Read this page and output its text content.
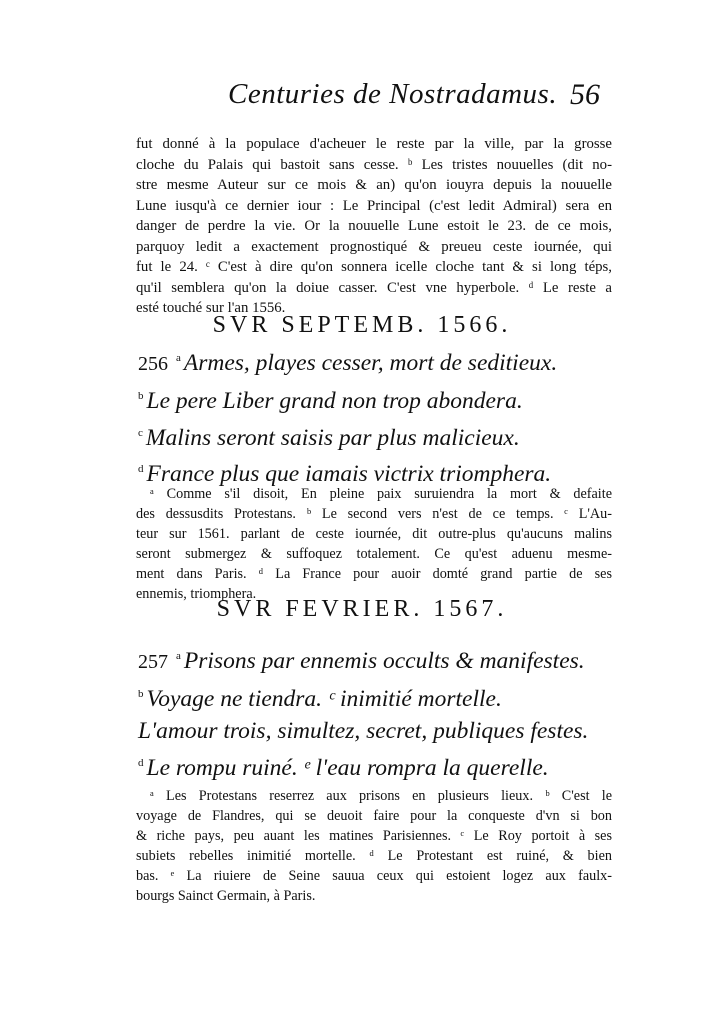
Centuries de Nostradamus. 56
fut donné à la populace d'acheuer le reste par la ville, par la grosse
cloche du Palais qui bastoit sans cesse. ᵇ Les tristes nouuelles (dit no-
stre mesme Auteur sur ce mois & an) qu'on iouyra depuis la nouuelle
Lune iusqu'à ce dernier iour : Le Principal (c'est ledit Admiral) sera en
danger de perdre la vie. Or la nouuelle Lune estoit le 23. de ce mois,
parquoy ledit a exactement prognostiqué & preueu ceste iournée, qui
fut le 24. ᶜ C'est à dire qu'on sonnera icelle cloche tant & si long téps,
qu'il semblera qu'on la doiue casser. C'est vne hyperbole. ᵈ Le reste a
esté touché sur l'an 1556.
SVR SEPTEMB. 1566.
256 $^a$ Armes, playes cesser, mort de seditieux.
$^b$ Le pere Liber grand non trop abondera.
$^c$ Malins seront saisis par plus malicieux.
$^d$ France plus que iamais victrix triomphera.
ᵃ Comme s'il disoit, En pleine paix suruiendra la mort & defaite
des dessusdits Protestans. ᵇ Le second vers n'est de ce temps. ᶜ L'Au-
teur sur 1561. parlant de ceste iournée, dit outre-plus qu'aucuns malins
seront submergez & suffoquez totalement. Ce qu'est aduenu mesme-
ment dans Paris. ᵈ La France pour auoir domté grand partie de ses
ennemis, triomphera.
SVR FEVRIER. 1567.
257 $^a$ Prisons par ennemis occults & manifestes.
$^b$ Voyage ne tiendra. ᶜ inimitié mortelle.
L'amour trois, simultez, secret, publiques festes.
$^d$ Le rompu ruiné. ᵉ l'eau rompra la querelle.
ᵃ Les Protestans reserrez aux prisons en plusieurs lieux. ᵇ C'est le
voyage de Flandres, qui se deuoit faire pour la conqueste d'vn si bon
& riche pays, peu auant les matines Parisiennes. ᶜ Le Roy portoit à ses
subiets rebelles inimitié mortelle. ᵈ Le Protestant est ruiné, & bien
bas. ᵉ La riuiere de Seine sauua ceux qui estoient logez aux faulx-
bourgs Sainct Germain, à Paris.
